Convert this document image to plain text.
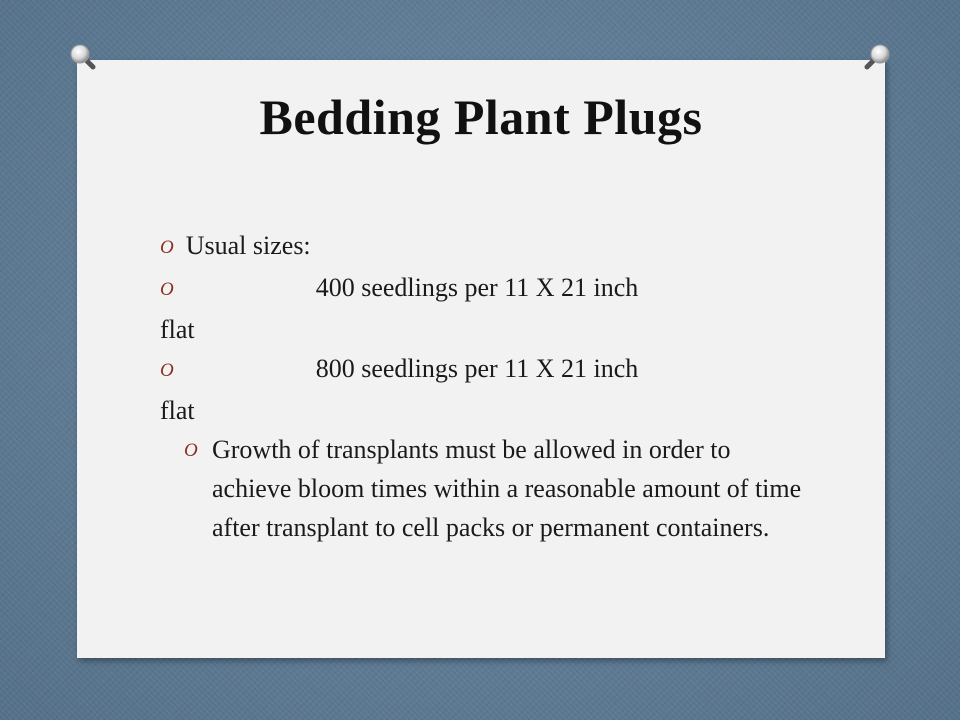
Bedding Plant Plugs
O Usual sizes:
O                    400 seedlings per 11 X 21 inch
flat
O                    800 seedlings per 11 X 21 inch
flat
O Growth of transplants must be allowed in order to achieve bloom times within a reasonable amount of time after transplant to cell packs or permanent containers.
